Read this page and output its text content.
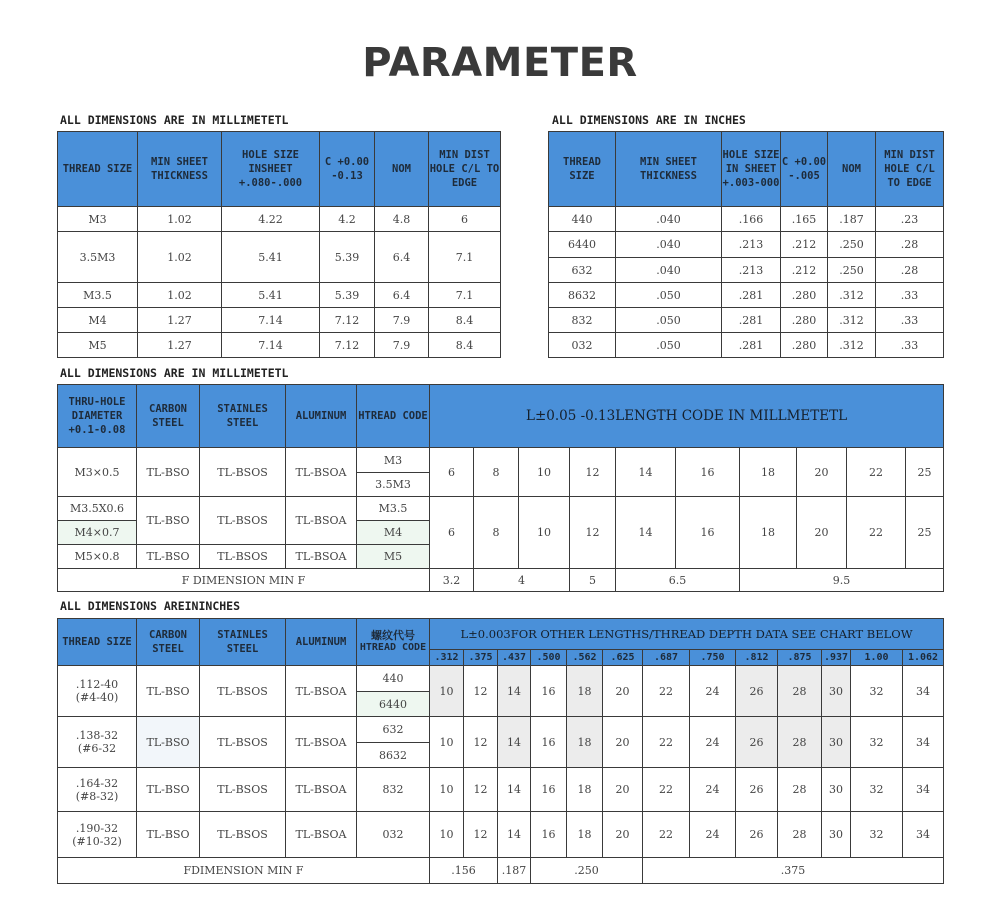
PARAMETER
ALL DIMENSIONS ARE IN MILLIMETETL
THREAD SIZE	MIN SHEET THICKNESS	HOLE SIZE INSHEET +.080-.000	C +0.00 -0.13	NOM	MIN DIST HOLE C/L TO EDGE
M3	1.02	4.22	4.2	4.8	6
3.5M3	1.02	5.41	5.39	6.4	7.1
M3.5	1.02	5.41	5.39	6.4	7.1
M4	1.27	7.14	7.12	7.9	8.4
M5	1.27	7.14	7.12	7.9	8.4
ALL DIMENSIONS ARE IN INCHES
THREAD SIZE	MIN SHEET THICKNESS	HOLE SIZE IN SHEET +.003-000	C +0.00 -.005	NOM	MIN DIST HOLE C/L TO EDGE
440	.040	.166	.165	.187	.23
6440	.040	.213	.212	.250	.28
632	.040	.213	.212	.250	.28
8632	.050	.281	.280	.312	.33
832	.050	.281	.280	.312	.33
032	.050	.281	.280	.312	.33
ALL DIMENSIONS ARE IN MILLIMETETL
THRU-HOLE DIAMETER +0.1-0.08	CARBON STEEL	STAINLES STEEL	ALUMINUM	HTREAD CODE	L±0.05 -0.13LENGTH CODE IN MILLMETETL									
M3×0.5	TL-BSO	TL-BSOS	TL-BSOA	M3	6	8	10	12	14	16	18	20	22	25
				3.5M3										
M3.5X0.6	TL-BSO	TL-BSOS	TL-BSOA	M3.5	6	8	10	12	14	16	18	20	22	25
M4×0.7				M4										
M5×0.8	TL-BSO	TL-BSOS	TL-BSOA	M5										
F DIMENSION MIN F					3.2	4		5	6.5		9.5			
ALL DIMENSIONS AREININCHES
THREAD SIZE	CARBON STEEL	STAINLES STEEL	ALUMINUM	螺纹代号
HTREAD CODE	L±0.003FOR OTHER LENGTHS/THREAD DEPTH DATA SEE CHART BELOW												
					.312	.375	.437	.500	.562	.625	.687	.750	.812	.875	.937	1.00	1.062

.112-40
(#4-40)	TL-BSO	TL-BSOS	TL-BSOA	440	10	12	14	16	18	20	22	24	26	28	30	32	34
				6440													

.138-32
(#6-32	TL-BSO	TL-BSOS	TL-BSOA	632	10	12	14	16	18	20	22	24	26	28	30	32	34
				8632													

.164-32
(#8-32)	TL-BSO	TL-BSOS	TL-BSOA	832	10	12	14	16	18	20	22	24	26	28	30	32	34

.190-32
(#10-32)	TL-BSO	TL-BSOS	TL-BSOA	032	10	12	14	16	18	20	22	24	26	28	30	32	34
FDIMENSION MIN F					.156		.187	.250			.375						
